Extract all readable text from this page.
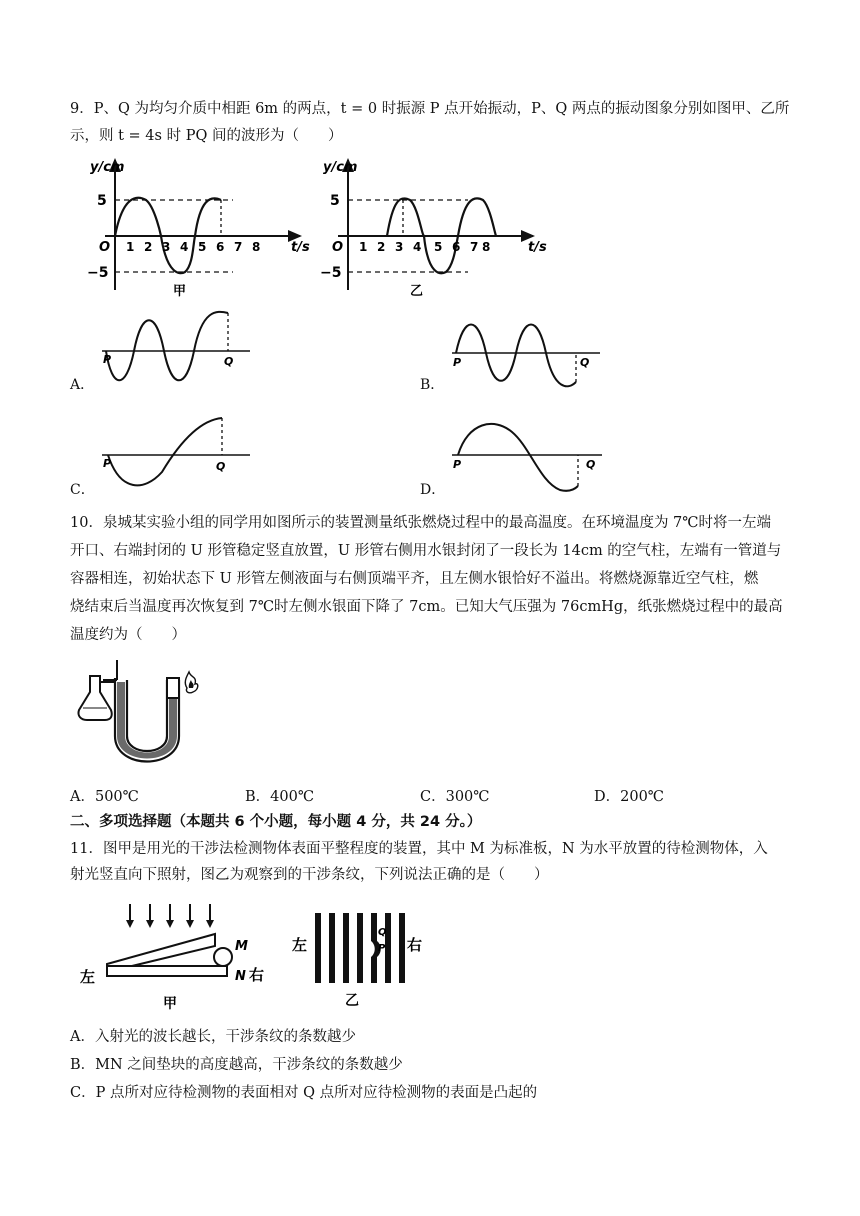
9．P、Q 为均匀介质中相距 6m 的两点，t = 0 时振源 P 点开始振动，P、Q 两点的振动图象分别如图甲、乙所
示，则 t = 4s 时 PQ 间的波形为（　　）
y/cm
t/s
5
−5
O 1 2 3 4 5 6 7 8
甲
y/cm
t/s
5
−5
O 1 2 3 4 5 6 7 8
乙
P	Q
A．
P	Q
B．
P	Q
C．
P	Q
D．
10．泉城某实验小组的同学用如图所示的装置测量纸张燃烧过程中的最高温度。在环境温度为 7℃时将一左端
开口、右端封闭的 U 形管稳定竖直放置，U 形管右侧用水银封闭了一段长为 14cm 的空气柱，左端有一管道与
容器相连，初始状态下 U 形管左侧液面与右侧顶端平齐，且左侧水银恰好不溢出。将燃烧源靠近空气柱，燃
烧结束后当温度再次恢复到 7℃时左侧水银面下降了 7cm。已知大气压强为 76cmHg，纸张燃烧过程中的最高
温度约为（　　）
A．500℃	B．400℃	C．300℃	D．200℃
二、多项选择题（本题共 6 个小题，每小题 4 分，共 24 分。）
11．图甲是用光的干涉法检测物体表面平整程度的装置，其中 M 为标准板，N 为水平放置的待检测物体，入
射光竖直向下照射，图乙为观察到的干涉条纹，下列说法正确的是（　　）
左
M
N 右
甲
左
Q
P 右
乙
A．入射光的波长越长，干涉条纹的条数越少
B．MN 之间垫块的高度越高，干涉条纹的条数越少
C．P 点所对应待检测物的表面相对 Q 点所对应待检测物的表面是凸起的
